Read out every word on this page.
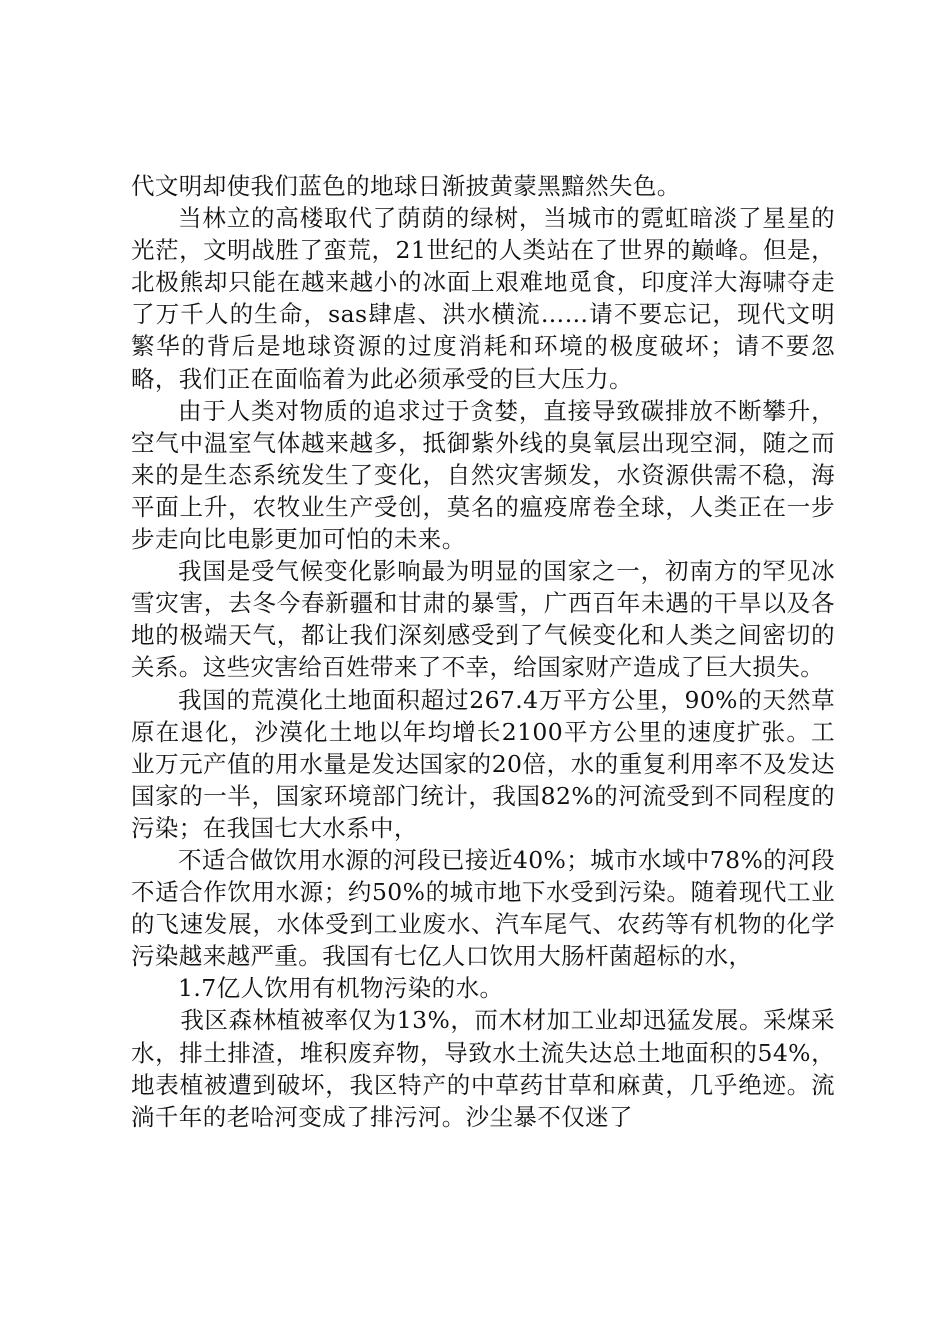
代文明却使我们蓝色的地球日渐披黄蒙黑黯然失色。

当林立的高楼取代了荫荫的绿树，当城市的霓虹暗淡了星星的光茫，文明战胜了蛮荒，21世纪的人类站在了世界的巅峰。但是，北极熊却只能在越来越小的冰面上艰难地觅食，印度洋大海啸夺走了万千人的生命，sas肆虐、洪水横流……请不要忘记，现代文明繁华的背后是地球资源的过度消耗和环境的极度破坏；请不要忽略，我们正在面临着为此必须承受的巨大压力。

由于人类对物质的追求过于贪婪，直接导致碳排放不断攀升，空气中温室气体越来越多，抵御紫外线的臭氧层出现空洞，随之而来的是生态系统发生了变化，自然灾害频发，水资源供需不稳，海平面上升，农牧业生产受创，莫名的瘟疫席卷全球，人类正在一步步走向比电影更加可怕的未来。

我国是受气候变化影响最为明显的国家之一，初南方的罕见冰雪灾害，去冬今春新疆和甘肃的暴雪，广西百年未遇的干旱以及各地的极端天气，都让我们深刻感受到了气候变化和人类之间密切的关系。这些灾害给百姓带来了不幸，给国家财产造成了巨大损失。

我国的荒漠化土地面积超过267.4万平方公里，90%的天然草原在退化，沙漠化土地以年均增长2100平方公里的速度扩张。工业万元产值的用水量是发达国家的20倍，水的重复利用率不及发达国家的一半，国家环境部门统计，我国82%的河流受到不同程度的污染；在我国七大水系中，

不适合做饮用水源的河段已接近40%；城市水域中78%的河段不适合作饮用水源；约50%的城市地下水受到污染。随着现代工业的飞速发展，水体受到工业废水、汽车尾气、农药等有机物的化学污染越来越严重。我国有七亿人口饮用大肠杆菌超标的水，

1.7亿人饮用有机物污染的水。

我区森林植被率仅为13%，而木材加工业却迅猛发展。采煤采水，排土排渣，堆积废弃物，导致水土流失达总土地面积的54%，地表植被遭到破坏，我区特产的中草药甘草和麻黄，几乎绝迹。流淌千年的老哈河变成了排污河。沙尘暴不仅迷了
